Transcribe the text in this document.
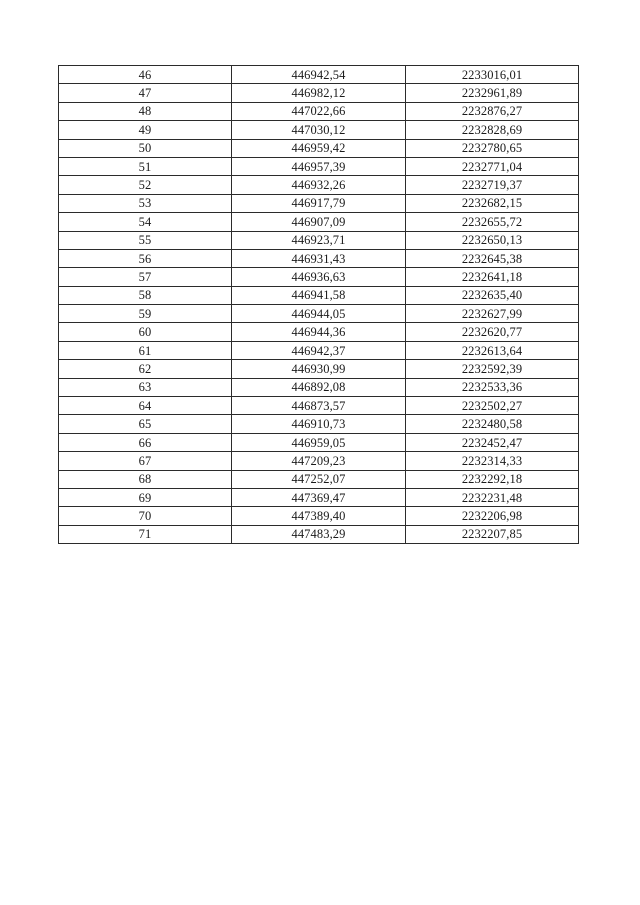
46	446942,54	2233016,01
47	446982,12	2232961,89
48	447022,66	2232876,27
49	447030,12	2232828,69
50	446959,42	2232780,65
51	446957,39	2232771,04
52	446932,26	2232719,37
53	446917,79	2232682,15
54	446907,09	2232655,72
55	446923,71	2232650,13
56	446931,43	2232645,38
57	446936,63	2232641,18
58	446941,58	2232635,40
59	446944,05	2232627,99
60	446944,36	2232620,77
61	446942,37	2232613,64
62	446930,99	2232592,39
63	446892,08	2232533,36
64	446873,57	2232502,27
65	446910,73	2232480,58
66	446959,05	2232452,47
67	447209,23	2232314,33
68	447252,07	2232292,18
69	447369,47	2232231,48
70	447389,40	2232206,98
71	447483,29	2232207,85
